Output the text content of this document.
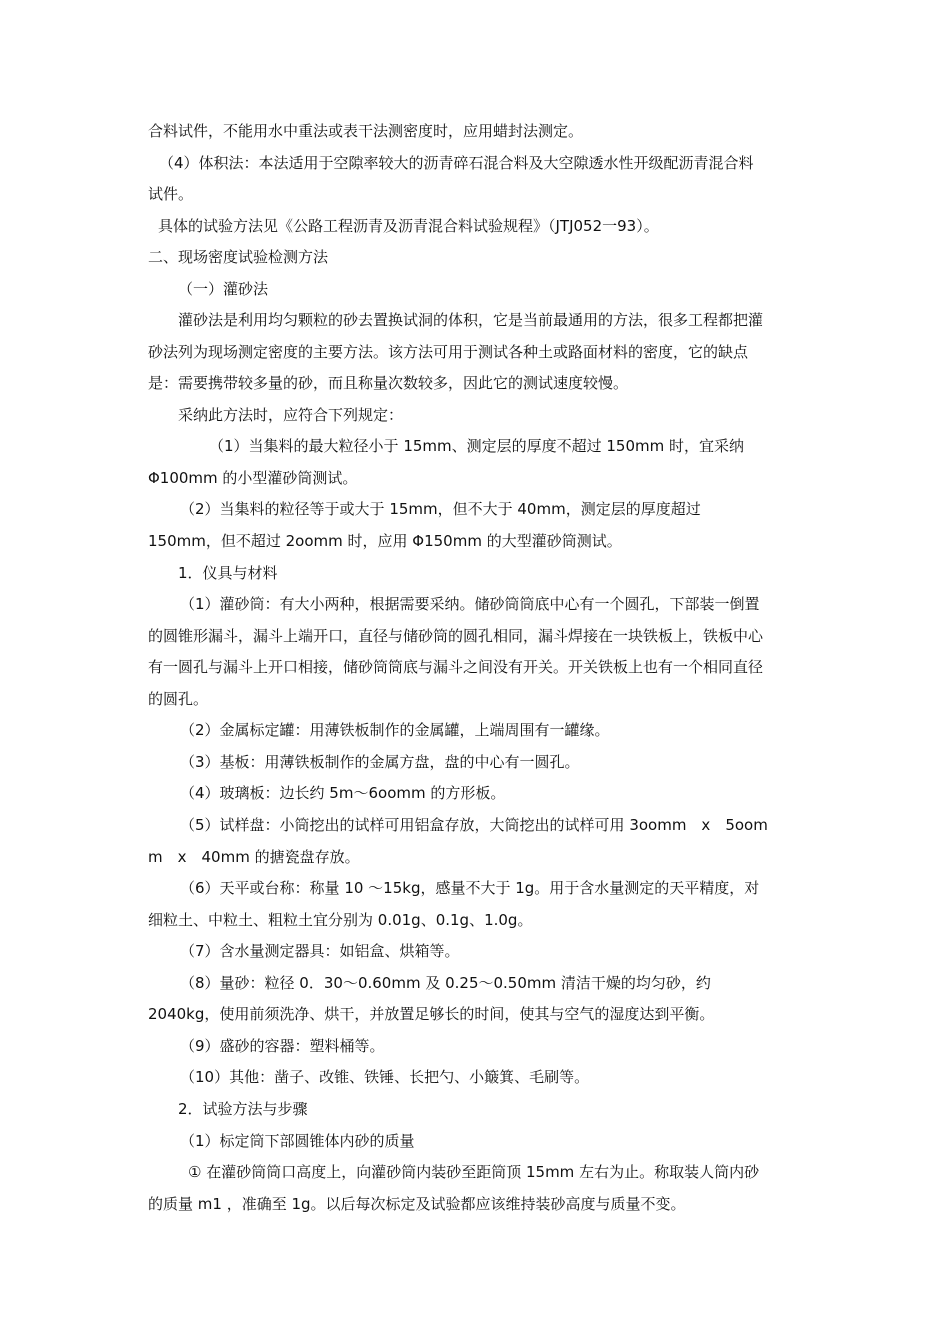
合料试件，不能用水中重法或表干法测密度时，应用蜡封法测定。

（4）体积法：本法适用于空隙率较大的沥青碎石混合料及大空隙透水性开级配沥青混合料

试件。

具体的试验方法见《公路工程沥青及沥青混合料试验规程》（JTJ052一93）。

二、现场密度试验检测方法

（一）灌砂法

灌砂法是利用均匀颗粒的砂去置换试洞的体积，它是当前最通用的方法，很多工程都把灌

砂法列为现场测定密度的主要方法。该方法可用于测试各种土或路面材料的密度，它的缺点

是：需要携带较多量的砂，而且称量次数较多，因此它的测试速度较慢。

采纳此方法时，应符合下列规定：

（1）当集料的最大粒径小于 15mm、测定层的厚度不超过 150mm 时，宜采纳

Φ100mm 的小型灌砂筒测试。

（2）当集料的粒径等于或大于 15mm，但不大于 40mm，测定层的厚度超过

150mm，但不超过 2oomm 时，应用 Φ150mm 的大型灌砂筒测试。

1．仪具与材料

（1）灌砂筒：有大小两种，根据需要采纳。储砂筒筒底中心有一个圆孔，下部装一倒置

的圆锥形漏斗，漏斗上端开口，直径与储砂筒的圆孔相同，漏斗焊接在一块铁板上，铁板中心

有一圆孔与漏斗上开口相接，储砂筒筒底与漏斗之间没有开关。开关铁板上也有一个相同直径

的圆孔。

（2）金属标定罐：用薄铁板制作的金属罐，上端周围有一罐缘。

（3）基板：用薄铁板制作的金属方盘，盘的中心有一圆孔。

（4）玻璃板：边长约 5m～6oomm 的方形板。

（5）试样盘：小筒挖出的试样可用铝盒存放，大筒挖出的试样可用 3oomm　x　5oom

m　x　40mm 的搪瓷盘存放。

（6）天平或台称：称量 10 ～15kg，感量不大于 1g。用于含水量测定的天平精度，对

细粒土、中粒土、粗粒土宜分别为 0.01g、0.1g、1.0g。

（7）含水量测定器具：如铝盒、烘箱等。

（8）量砂：粒径 0．30～0.60mm 及 0.25～0.50mm 清洁干燥的均匀砂，约

2040kg，使用前须洗净、烘干，并放置足够长的时间，使其与空气的湿度达到平衡。

（9）盛砂的容器：塑料桶等。

（10）其他：凿子、改锥、铁锤、长把勺、小簸箕、毛刷等。

2．试验方法与步骤

（1）标定筒下部圆锥体内砂的质量

① 在灌砂筒筒口高度上，向灌砂筒内装砂至距筒顶 15mm 左右为止。称取装人筒内砂

的质量 m1 ，准确至 1g。以后每次标定及试验都应该维持装砂高度与质量不变。
